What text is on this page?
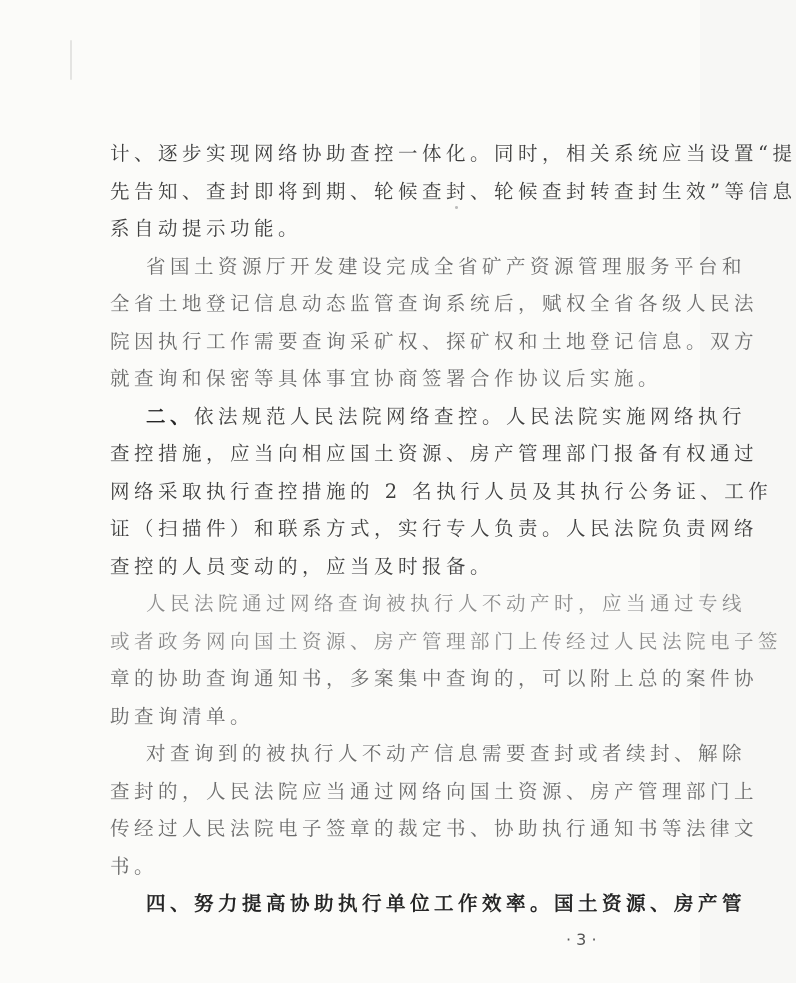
计、逐步实现网络协助查控一体化。同时，相关系统应当设置“提
先告知、查封即将到期、轮候查封、轮候查封转查封生效”等信息
系自动提示功能。
省国土资源厅开发建设完成全省矿产资源管理服务平台和
全省土地登记信息动态监管查询系统后，赋权全省各级人民法
院因执行工作需要查询采矿权、探矿权和土地登记信息。双方
就查询和保密等具体事宜协商签署合作协议后实施。
二、依法规范人民法院网络查控。人民法院实施网络执行
查控措施，应当向相应国土资源、房产管理部门报备有权通过
网络采取执行查控措施的 2 名执行人员及其执行公务证、工作
证（扫描件）和联系方式，实行专人负责。人民法院负责网络
查控的人员变动的，应当及时报备。
人民法院通过网络查询被执行人不动产时，应当通过专线
或者政务网向国土资源、房产管理部门上传经过人民法院电子签
章的协助查询通知书，多案集中查询的，可以附上总的案件协
助查询清单。
对查询到的被执行人不动产信息需要查封或者续封、解除
查封的，人民法院应当通过网络向国土资源、房产管理部门上
传经过人民法院电子签章的裁定书、协助执行通知书等法律文
书。
四、努力提高协助执行单位工作效率。国土资源、房产管
· 3 ·
